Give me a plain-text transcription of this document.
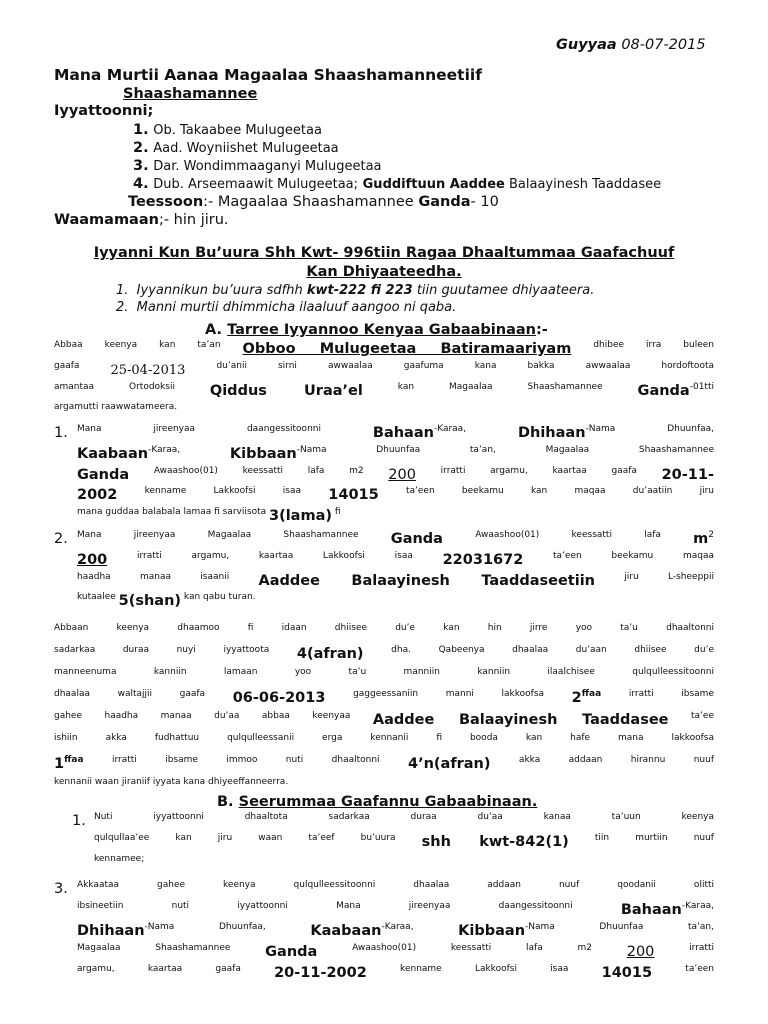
Guyyaa 08-07-2015
Mana Murtii Aanaa Magaalaa Shaashamanneetiif
Shaashamannee
Iyyattoonni;
1. Ob. Takaabee Mulugeetaa
2. Aad. Woyniishet Mulugeetaa
3. Dar. Wondimmaaganyi Mulugeetaa
4. Dub. Arseemaawit Mulugeetaa; Guddiftuun Aaddee Balaayinesh Taaddasee
Teessoon:- Magaalaa Shaashamannee Ganda- 10
Waamamaan;- hin jiru.
Iyyanni Kun Bu’uura Shh Kwt- 996tiin Ragaa Dhaaltummaa Gaafachuuf
Kan Dhiyaateedha.
1. Iyyannikun bu’uura sdfhh kwt-222 fi 223 tiin guutamee dhiyaateera.
2. Manni murtii dhimmicha ilaaluuf aangoo ni qaba.
A. Tarree Iyyannoo Kenyaa Gabaabinaan:-
$^{Abbaa keenya kan ta’an}$ Obboo Mulugeetaa Batiramaariyam $^{dhibee irra buleen}$
$^{gaafa}$ 25-04-2013 $^{du’anii sirni awwaalaa gaafuma kana bakka awwaalaa hordoftoota}$
$^{amantaa Ortodoksii}$ Qiddus Uraa’el $^{kan Magaalaa Shaashamannee}$ Ganda$^{-01tti}$
$^{argamutti raawwatameera.}$
1. $^{Mana jireenyaa daangessitoonni}$ Bahaan$^{-Karaa,}$ Dhihaan$^{-Nama Dhuunfaa,}$
Kaabaan$^{-Karaa,}$ Kibbaan$^{-Nama Dhuunfaa ta’an, Magaalaa Shaashamannee}$
Ganda $^{Awaashoo(01) keessatti lafa m2}$ 200 $^{irratti argamu, kaartaa gaafa}$ 20-11-
2002 $^{kenname Lakkoofsi isaa}$ 14015 $^{ta’een beekamu kan maqaa du’aatiin jiru}$
$^{mana guddaa balabala lamaa fi sarviisota}$ 3(lama) $^{fi}$
2. $^{Mana jireenyaa Magaalaa Shaashamannee}$ Ganda $^{Awaashoo(01) keessatti lafa}$ $m^2$
200 $^{irratti argamu, kaartaa Lakkoofsi isaa}$ 22031672 $^{ta’een beekamu maqaa}$
$^{haadha manaa isaanii}$ Aaddee Balaayinesh Taaddaseetiin $^{jiru L-sheeppii}$
$^{kutaalee}$ 5(shan) $^{kan qabu turan.}$
$^{Abbaan keenya dhaamoo fi idaan dhiisee du’e kan hin jirre yoo ta’u dhaaltonni}$
$^{sadarkaa duraa nuyi iyyattoota}$ 4(afran) $^{dha. Qabeenya dhaalaa du’aan dhiisee du’e}$
$^{manneenuma kanniin lamaan yoo ta’u manniin kanniin ilaalchisee qulqulleessitoonni}$
$^{dhaalaa waltajjii gaafa}$ 06-06-2013 $^{gaggeessaniin manni lakkoofsa}$ $2^{ffaa}$ $^{irratti ibsame}$
$^{gahee haadha manaa du’aa abbaa keenyaa}$ Aaddee Balaayinesh Taaddasee $^{ta’ee}$
$^{ishiin akka fudhattuu qulqulleessanii erga kennanii fi booda kan hafe mana lakkoofsa}$
$1^{ffaa}$ $^{irratti ibsame immoo nuti dhaaltonni}$ 4’n(afran) $^{akka addaan hirannu nuuf}$
$^{kennanii waan jiraniif iyyata kana dhiyeeffanneerra.}$
1. $^{Nuti iyyattoonni dhaaltota sadarkaa duraa du’aa kanaa ta’uun keenya}$
$^{qulqullaa’ee kan jiru waan ta’eef bu’uura}$ shh kwt-842(1) $^{tiin murtiin nuuf}$
$^{kennamee;}$
3. $^{Akkaataa gahee keenya qulqulleessitoonni dhaalaa addaan nuuf qoodanii olitti}$
$^{ibsineetiin nuti iyyattoonni Mana jireenyaa daangessitoonni}$ Bahaan$^{-Karaa,}$
Dhihaan$^{-Nama Dhuunfaa,}$ Kaabaan$^{-Karaa,}$ Kibbaan$^{-Nama Dhuunfaa ta’an,}$
$^{Magaalaa Shaashamannee}$ Ganda $^{Awaashoo(01) keessatti lafa m2}$ 200 $^{irratti}$
$^{argamu, kaartaa gaafa}$ 20-11-2002 $^{kenname Lakkoofsi isaa}$ 14015 $^{ta’een}$
B. Seerummaa Gaafannu Gabaabinaan.
